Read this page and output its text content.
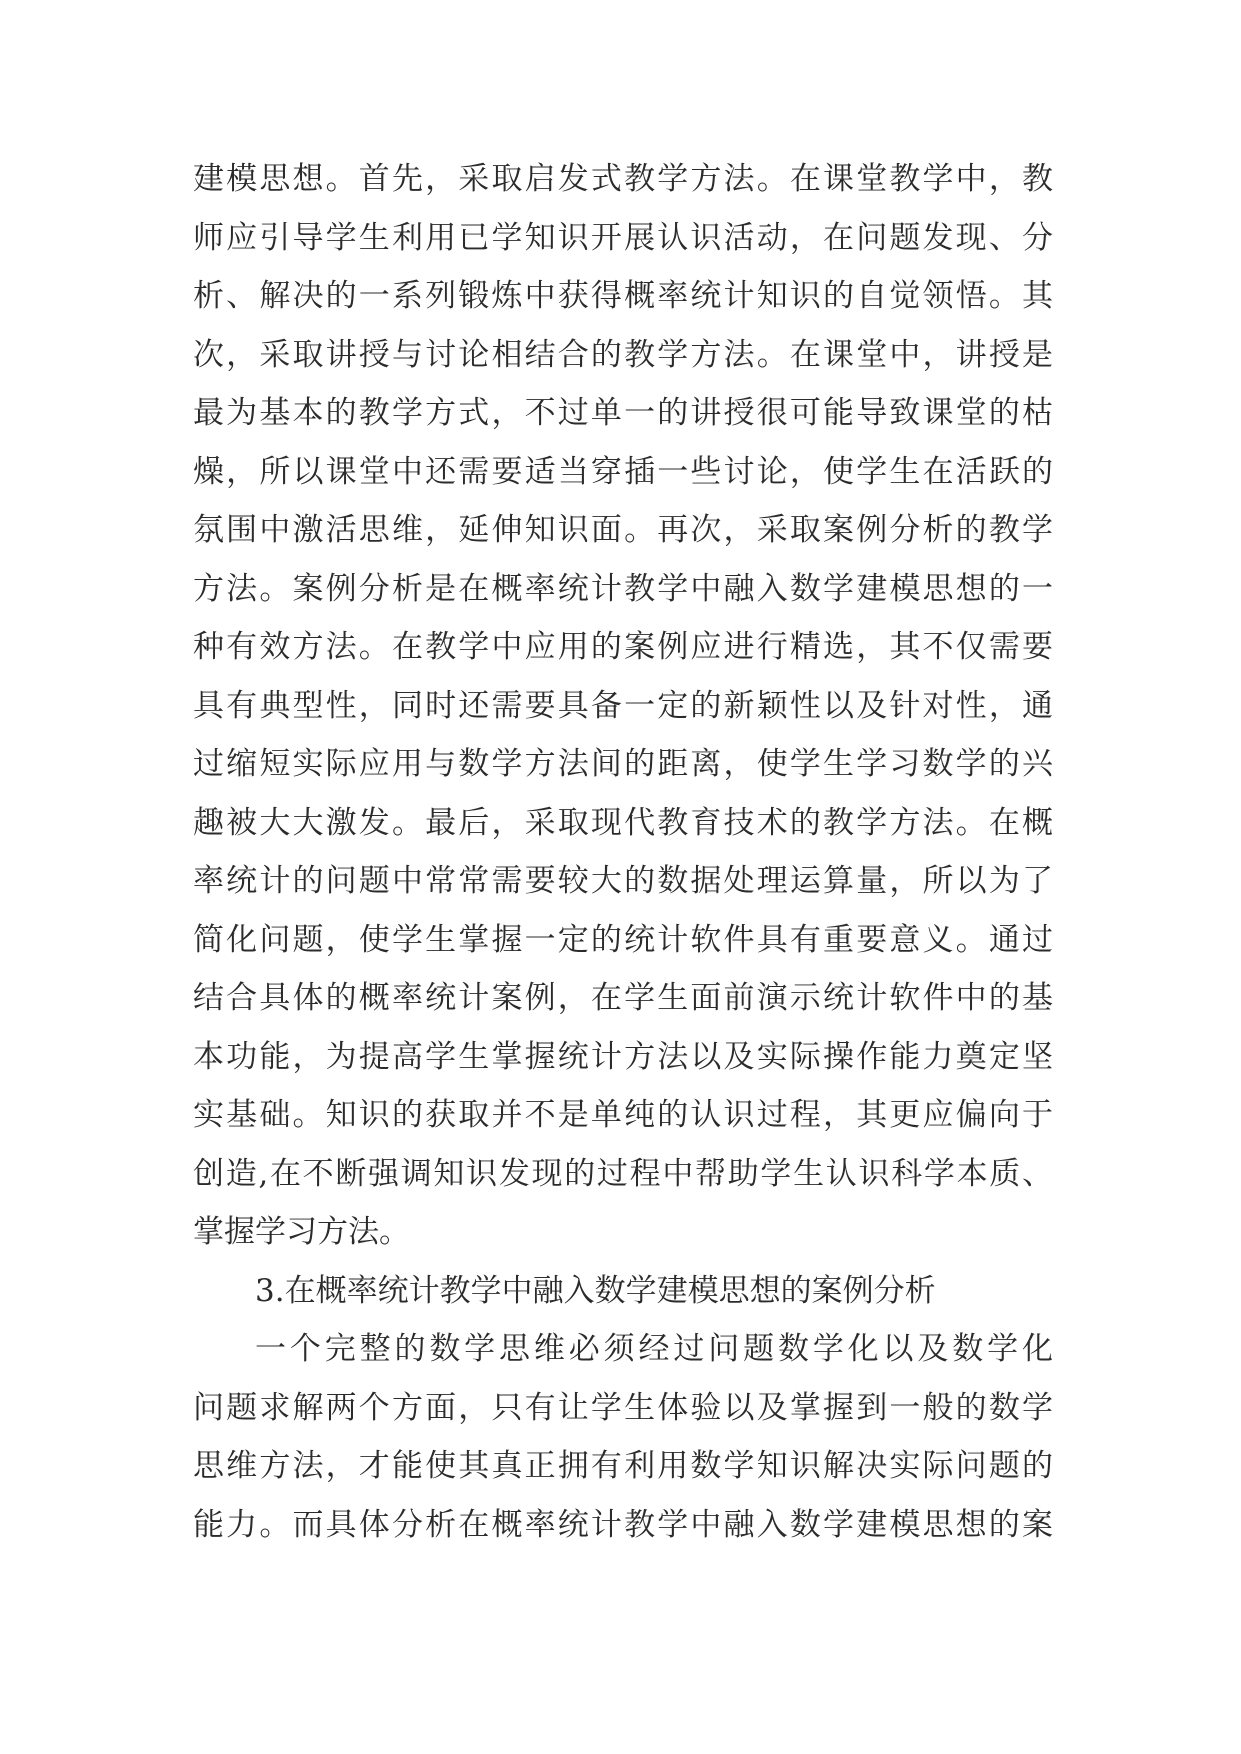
建模思想。首先，采取启发式教学方法。在课堂教学中，教
师应引导学生利用已学知识开展认识活动，在问题发现、分
析、解决的一系列锻炼中获得概率统计知识的自觉领悟。其
次，采取讲授与讨论相结合的教学方法。在课堂中，讲授是
最为基本的教学方式，不过单一的讲授很可能导致课堂的枯
燥，所以课堂中还需要适当穿插一些讨论，使学生在活跃的
氛围中激活思维，延伸知识面。再次，采取案例分析的教学
方法。案例分析是在概率统计教学中融入数学建模思想的一
种有效方法。在教学中应用的案例应进行精选，其不仅需要
具有典型性，同时还需要具备一定的新颖性以及针对性，通
过缩短实际应用与数学方法间的距离，使学生学习数学的兴
趣被大大激发。最后，采取现代教育技术的教学方法。在概
率统计的问题中常常需要较大的数据处理运算量，所以为了
简化问题，使学生掌握一定的统计软件具有重要意义。通过
结合具体的概率统计案例，在学生面前演示统计软件中的基
本功能，为提高学生掌握统计方法以及实际操作能力奠定坚
实基础。知识的获取并不是单纯的认识过程，其更应偏向于
创造,在不断强调知识发现的过程中帮助学生认识科学本质、
掌握学习方法。
3.在概率统计教学中融入数学建模思想的案例分析
一个完整的数学思维必须经过问题数学化以及数学化
问题求解两个方面，只有让学生体验以及掌握到一般的数学
思维方法，才能使其真正拥有利用数学知识解决实际问题的
能力。而具体分析在概率统计教学中融入数学建模思想的案
